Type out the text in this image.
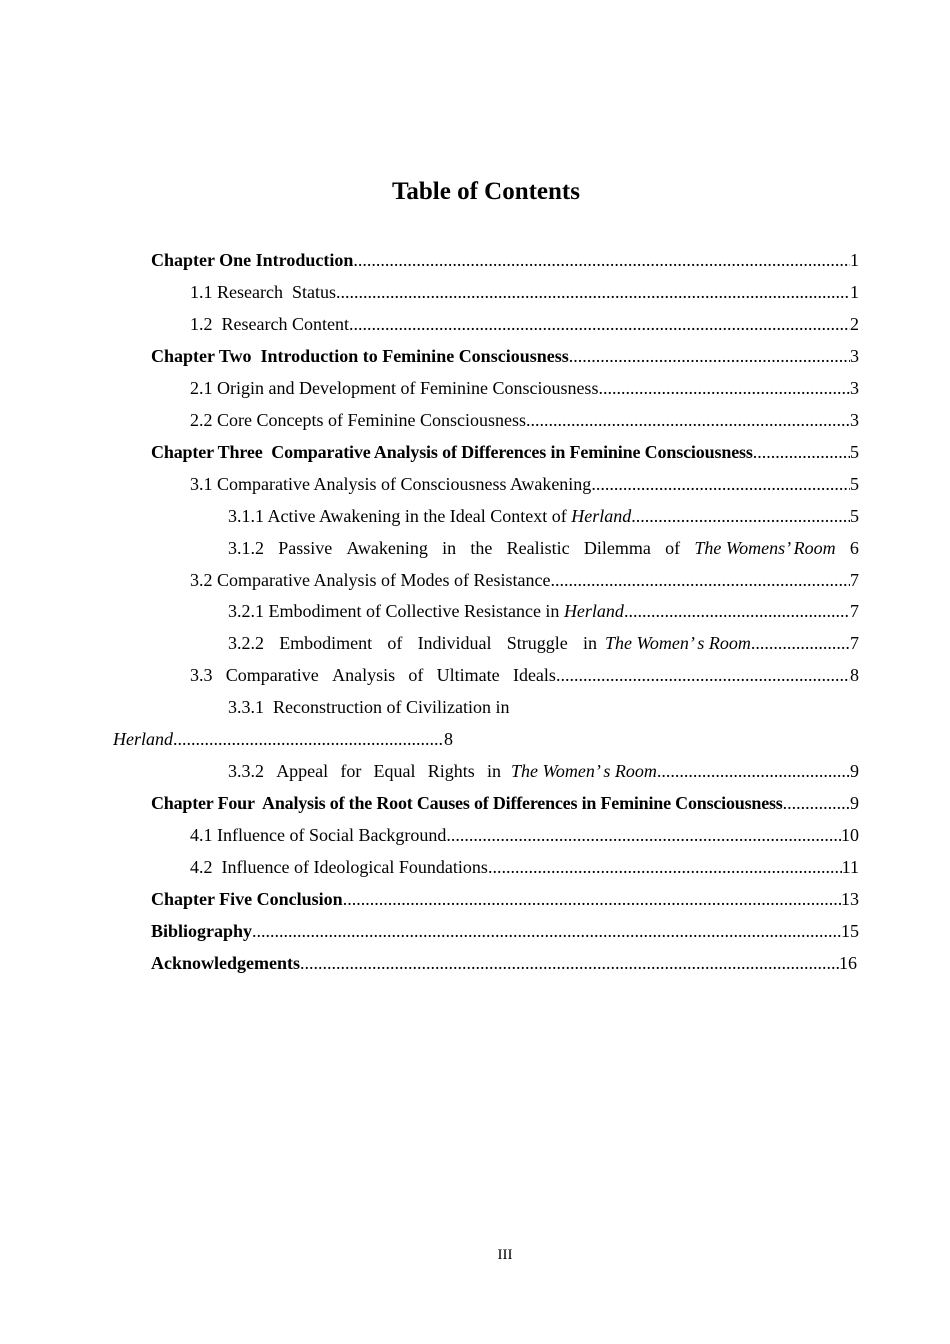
Table of Contents
Chapter One Introduction .....	1
1.1 Research  Status .....	1
1.2  Research Content .....	2
Chapter Two  Introduction to Feminine Consciousness .....	3
2.1 Origin and Development of Feminine Consciousness .....	3
2.2 Core Concepts of Feminine Consciousness .....	3
Chapter Three  Comparative Analysis of Differences in Feminine Consciousness .....	5
3.1 Comparative Analysis of Consciousness Awakening .....	5
3.1.1 Active Awakening in the Ideal Context of Herland .....	5
3.1.2 Passive Awakening in the Realistic Dilemma of The Womens’ Room 6
3.2 Comparative Analysis of Modes of Resistance .....	7
3.2.1 Embodiment of Collective Resistance in Herland .....	7
3.2.2 Embodiment of Individual Struggle in The Women’ s Room .....	7
3.3 Comparative Analysis of Ultimate Ideals .....	8
3.3.1  Reconstruction of Civilization in
Herland .....	8
3.3.2 Appeal for Equal Rights in The Women’ s Room .....	9
Chapter Four  Analysis of the Root Causes of Differences in Feminine Consciousness .....	9
4.1 Influence of Social Background .....	10
4.2  Influence of Ideological Foundations .....	11
Chapter Five Conclusion .....	13
Bibliography .....	15
Acknowledgements .....	16
III
